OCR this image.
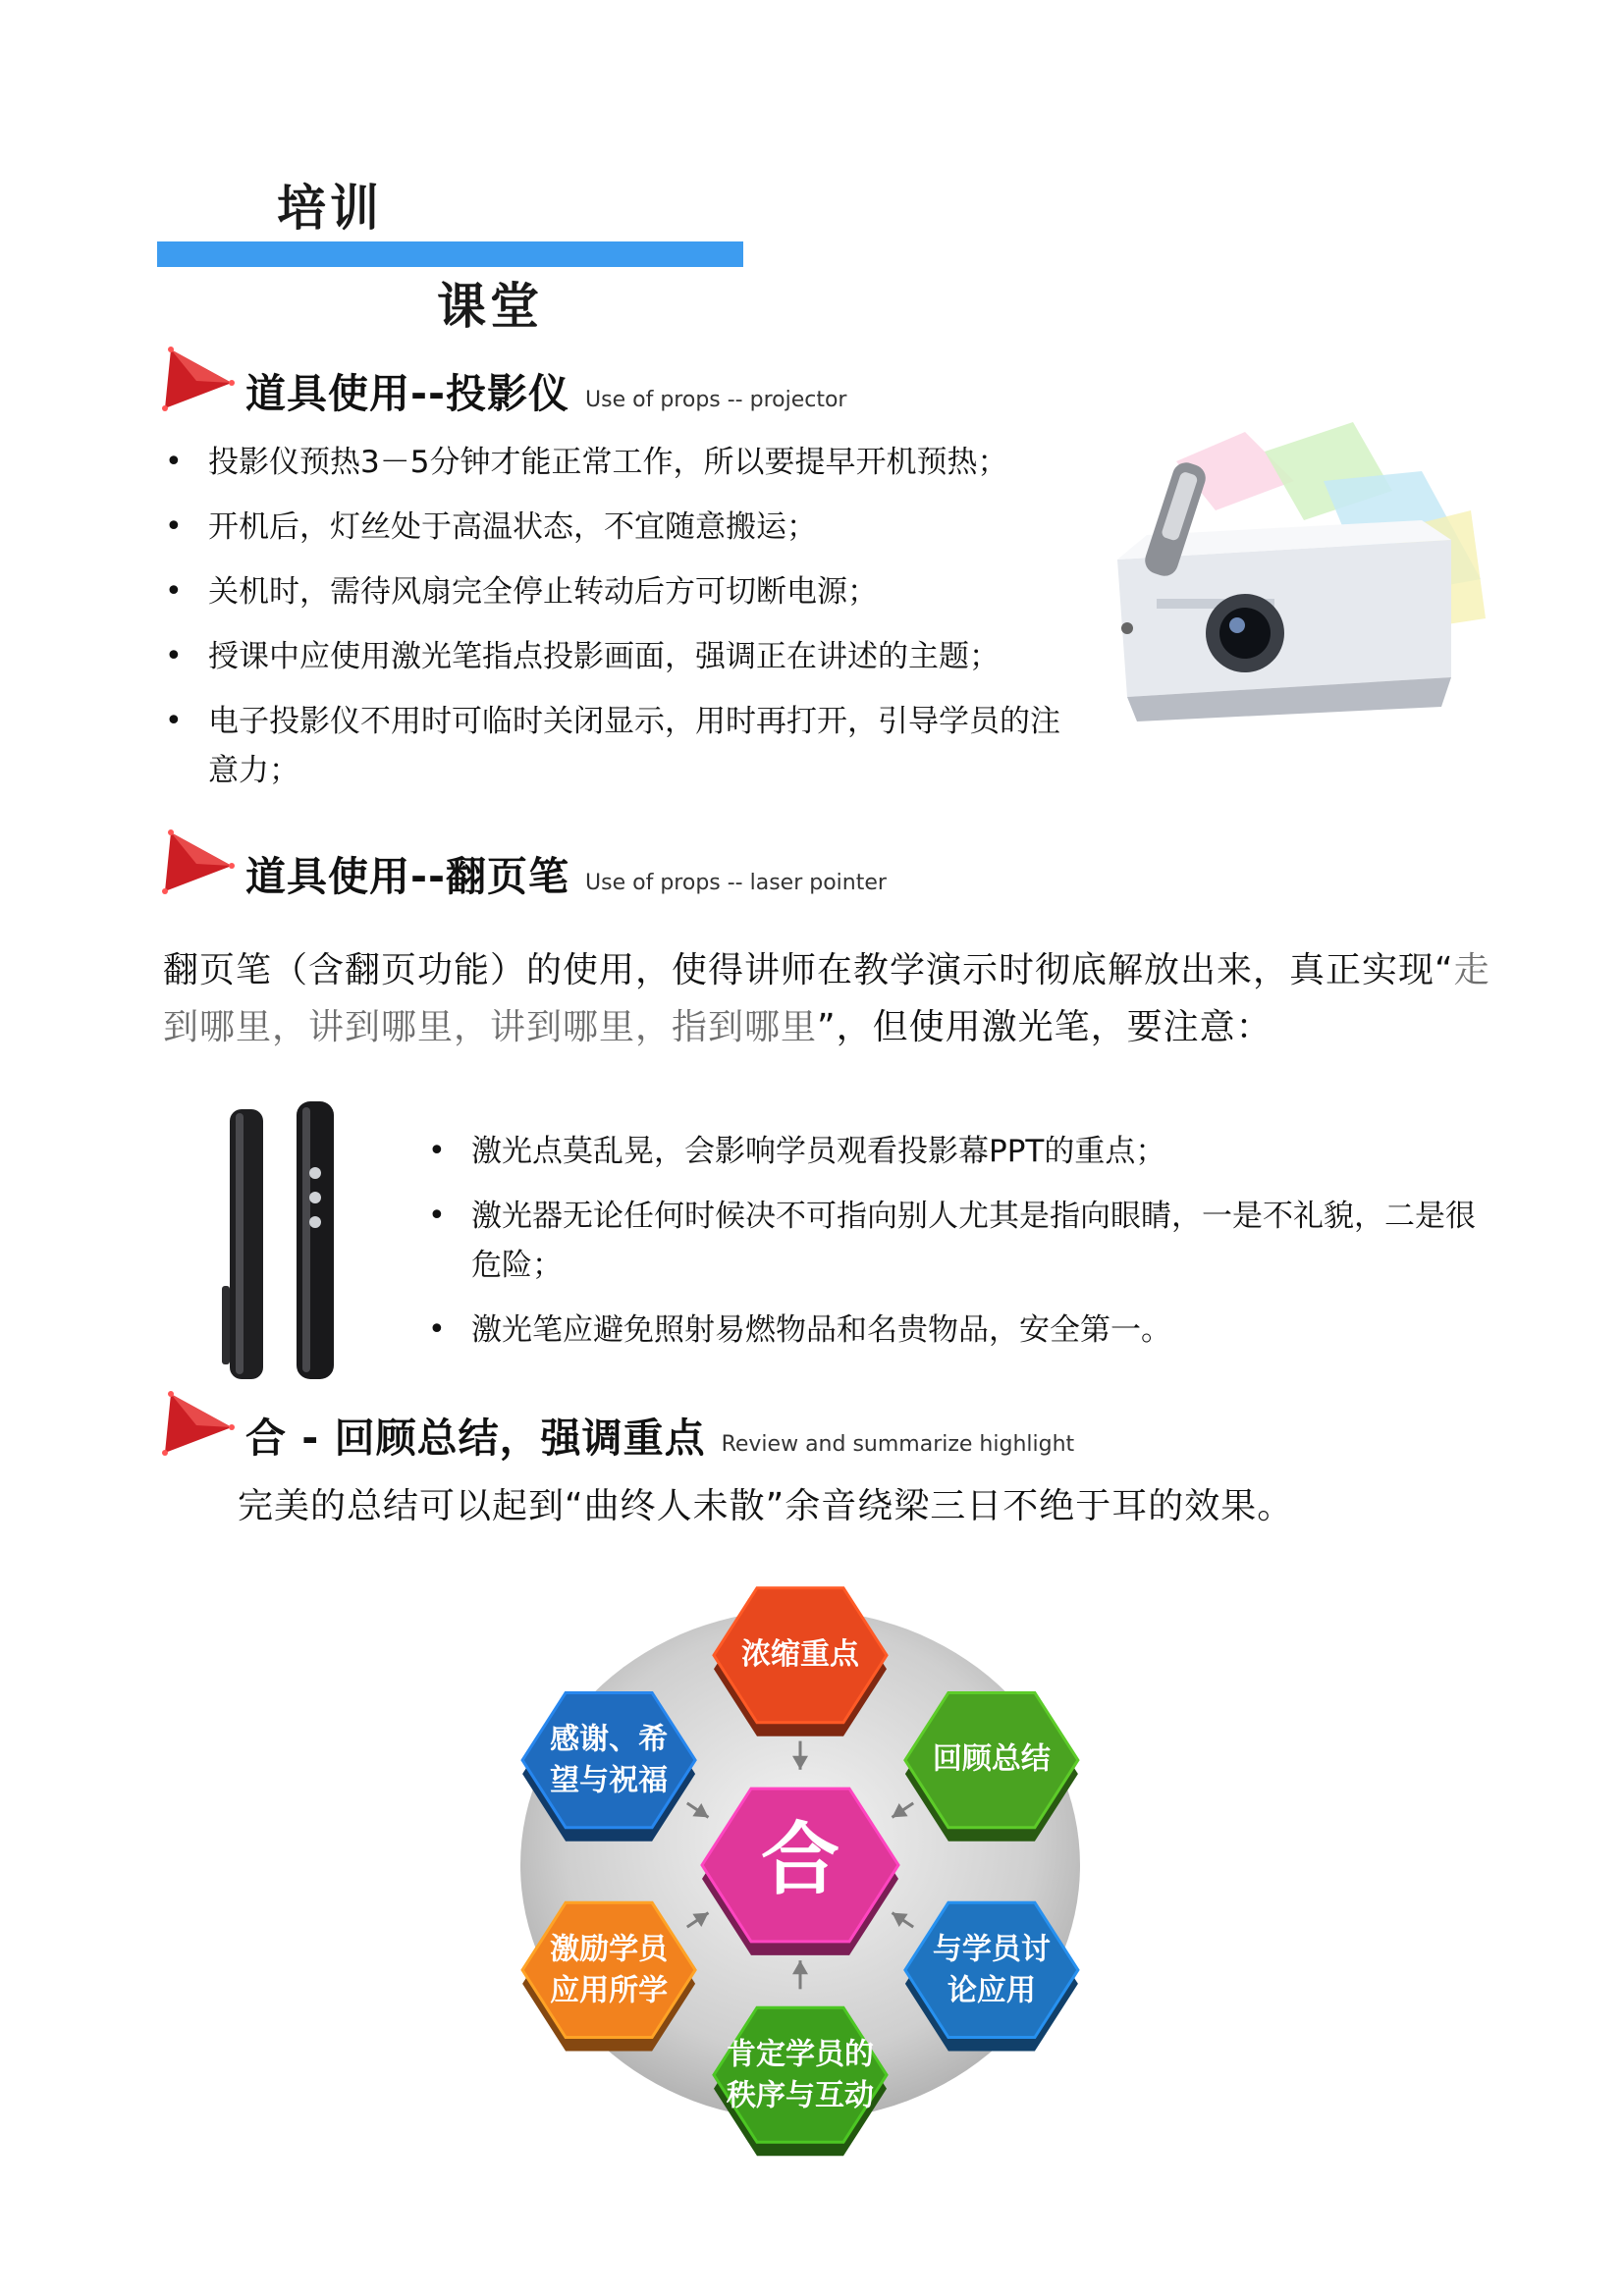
培训
课堂
道具使用--投影仪 Use of props -- projector
• 投影仪预热3－5分钟才能正常工作，所以要提早开机预热；
• 开机后，灯丝处于高温状态，不宜随意搬运；
• 关机时，需待风扇完全停止转动后方可切断电源；
• 授课中应使用激光笔指点投影画面，强调正在讲述的主题；
• 电子投影仪不用时可临时关闭显示，用时再打开，引导学员的注意力；
道具使用--翻页笔 Use of props -- laser pointer
翻页笔（含翻页功能）的使用，使得讲师在教学演示时彻底解放出来，真正实现“走到哪里，讲到哪里，讲到哪里，指到哪里”，但使用激光笔，要注意：
• 激光点莫乱晃，会影响学员观看投影幕PPT的重点；
• 激光器无论任何时候决不可指向别人尤其是指向眼睛，一是不礼貌，二是很危险；
• 激光笔应避免照射易燃物品和名贵物品，安全第一。
合 - 回顾总结，强调重点 Review and summarize highlight
完美的总结可以起到“曲终人未散”余音绕梁三日不绝于耳的效果。
浓缩重点
回顾总结
与学员讨
论应用
肯定学员的
秩序与互动
激励学员
应用所学
感谢、希
望与祝福
合
